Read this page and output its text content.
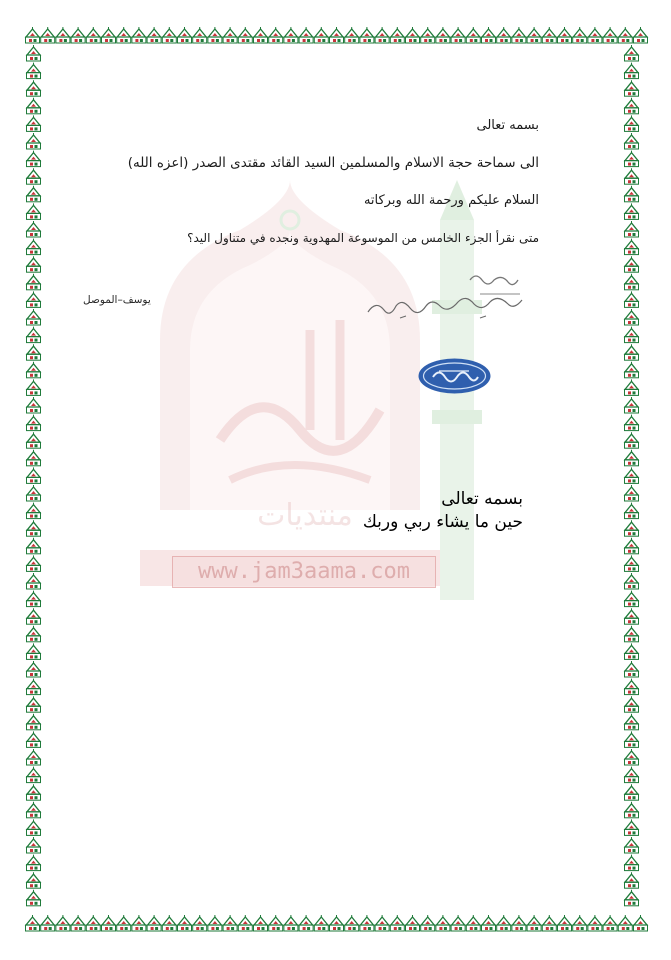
منتديات
www.jam3aama.com
بسمه تعالى
الى سماحة حجة الاسلام والمسلمين السيد القائد مقتدى الصدر (اعزه الله)
السلام عليكم ورحمة الله وبركاته
متى نقرأ الجزء الخامس من الموسوعة المهدوية ونجده في متناول اليد؟
يوسف–الموصل
بسمه تعالى
حين ما يشاء ربي وربك
